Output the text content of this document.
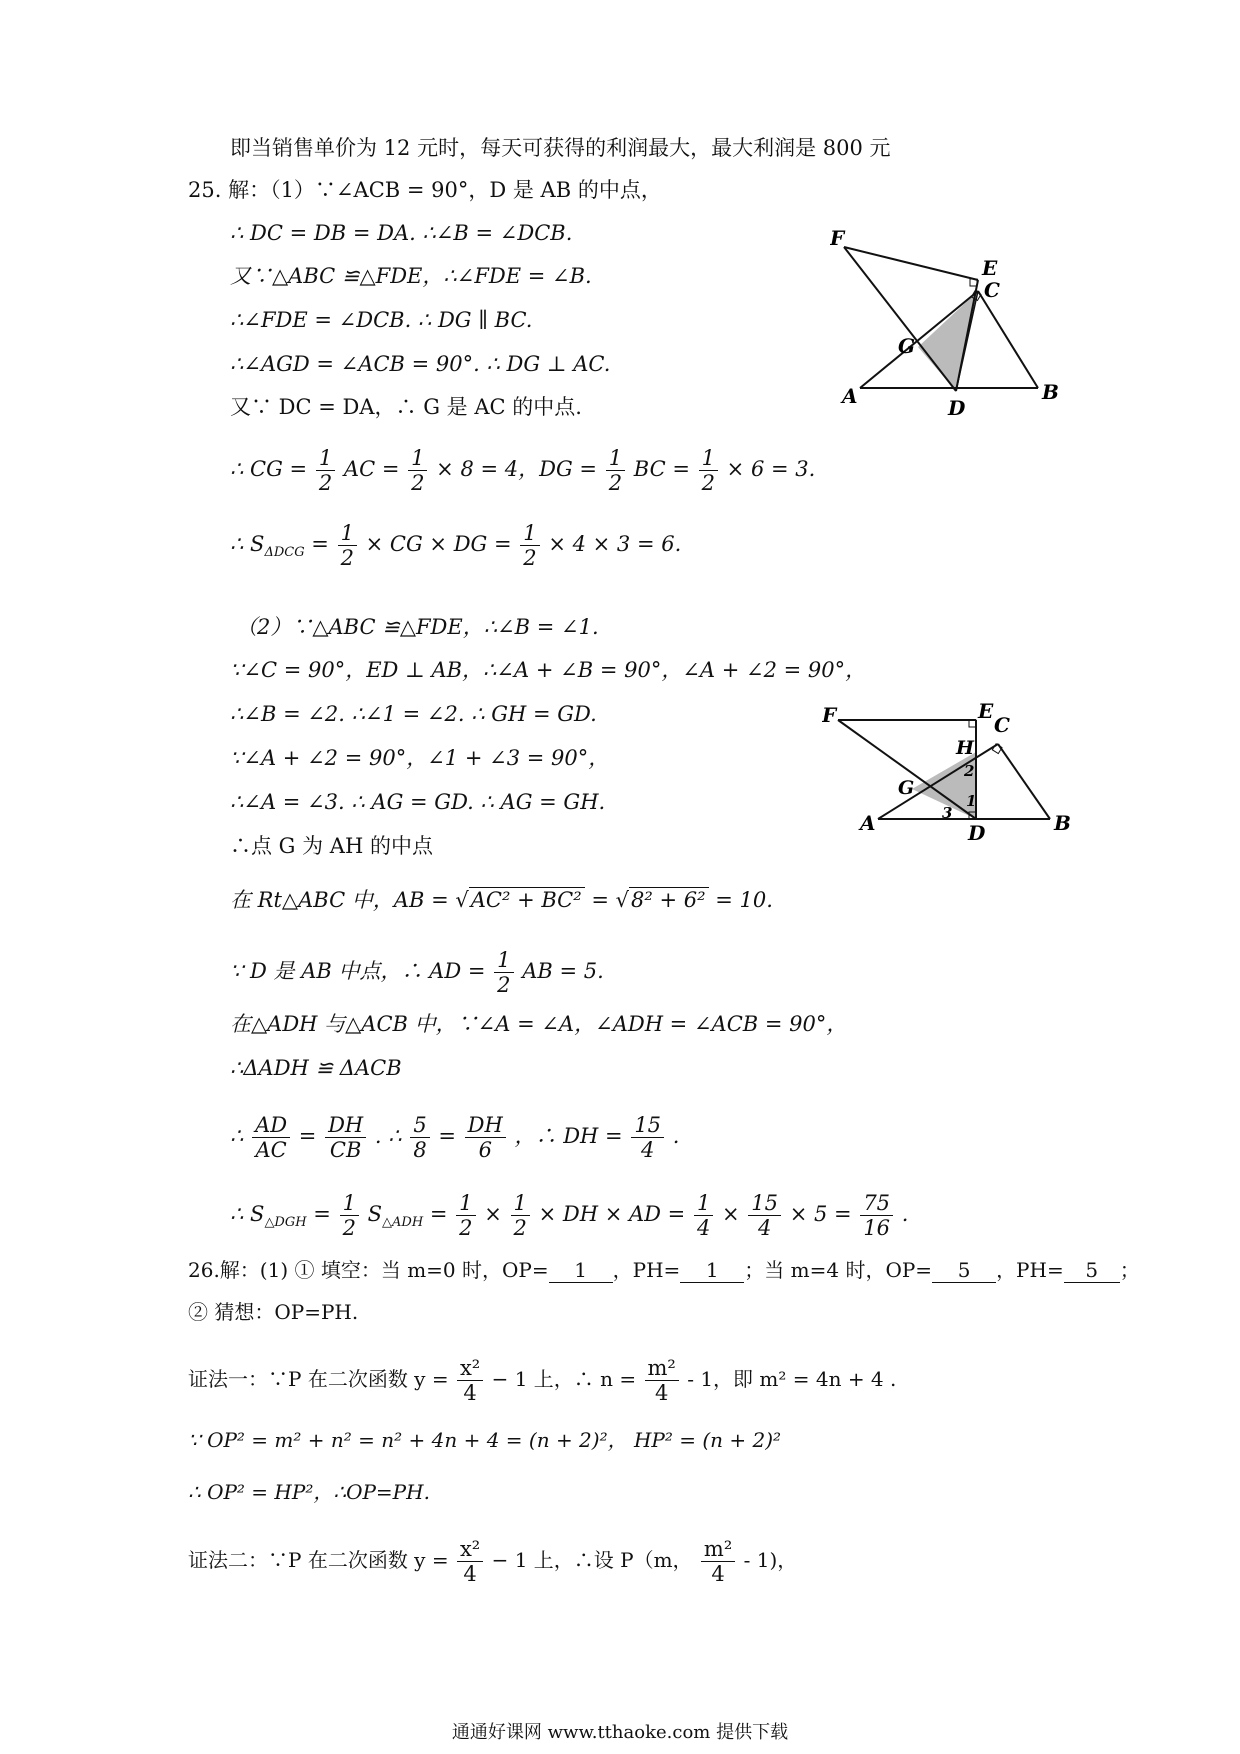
即当销售单价为 12 元时，每天可获得的利润最大，最大利润是 800 元
25. 解：（1）∵∠ACB = 90°，D 是 AB 的中点，
∴ DC = DB = DA. ∴∠B = ∠DCB.
又∵△ABC ≌△FDE，∴∠FDE = ∠B.
∴∠FDE = ∠DCB. ∴ DG ∥ BC.
∴∠AGD = ∠ACB = 90°. ∴ DG ⊥ AC.
又∵ DC = DA，∴ G 是 AC 的中点.
∴ CG = $\frac{1}{2}$ AC = $\frac{1}{2} \times 8 = 4$，DG = $\frac{1}{2}$ BC = $\frac{1}{2} \times 6 = 3$.
∴ $S_{\Delta DCG} = \frac{1}{2}$ × CG × DG = $\frac{1}{2} \times 4 \times 3 = 6$.
（2）∵△ABC ≌△FDE，∴∠B = ∠1.
∵∠C = 90°，ED ⊥ AB，∴∠A + ∠B = 90°，∠A + ∠2 = 90°，
∴∠B = ∠2. ∴∠1 = ∠2. ∴ GH = GD.
∵∠A + ∠2 = 90°，∠1 + ∠3 = 90°，
∴∠A = ∠3. ∴ AG = GD. ∴ AG = GH.
∴点 G 为 AH 的中点
在 Rt△ABC 中，AB = √AC² + BC² = √8² + 6² = 10.
∵ D 是 AB 中点，∴ AD = $\frac{1}{2}$ AB = 5.
在△ADH 与△ACB 中，∵∠A = ∠A，∠ADH = ∠ACB = 90°，
∴ΔADH ≌ ΔACB
∴ $\frac{AD}{AC} = \frac{DH}{CB}$ . ∴ $\frac{5}{8} = \frac{DH}{6}$ ，∴ DH = $\frac{15}{4}$ .
∴ $S_{\triangle DGH} = \frac{1}{2} S_{\triangle ADH} = \frac{1}{2} \times \frac{1}{2}$ × DH × AD = $\frac{1}{4} \times \frac{15}{4} \times 5 = \frac{75}{16}$ .
26.解：(1) ① 填空：当 m=0 时，OP= 1 ，PH= 1 ；当 m=4 时，OP= 5 ，PH= 5 ；
② 猜想：OP=PH.
证法一：∵P 在二次函数 $y = \frac{\text{x²}}{4} - 1$ 上，∴ $n = \frac{\text{m²}}{4} - 1$，即 m² = 4n + 4 .
∵ OP² = m² + n² = n² + 4n + 4 = (n + 2)²， HP² = (n + 2)²
∴ OP² = HP²，∴OP=PH.
证法二：∵P 在二次函数 $y = \frac{\text{x²}}{4} - 1$ 上，∴设 P（m， $\frac{\text{m²}}{4} - 1$)，
F
E
C
G
A	D
B
F	E
C
H
2
G
1
3
A	D	B
通通好课网 www.tthaoke.com 提供下载
